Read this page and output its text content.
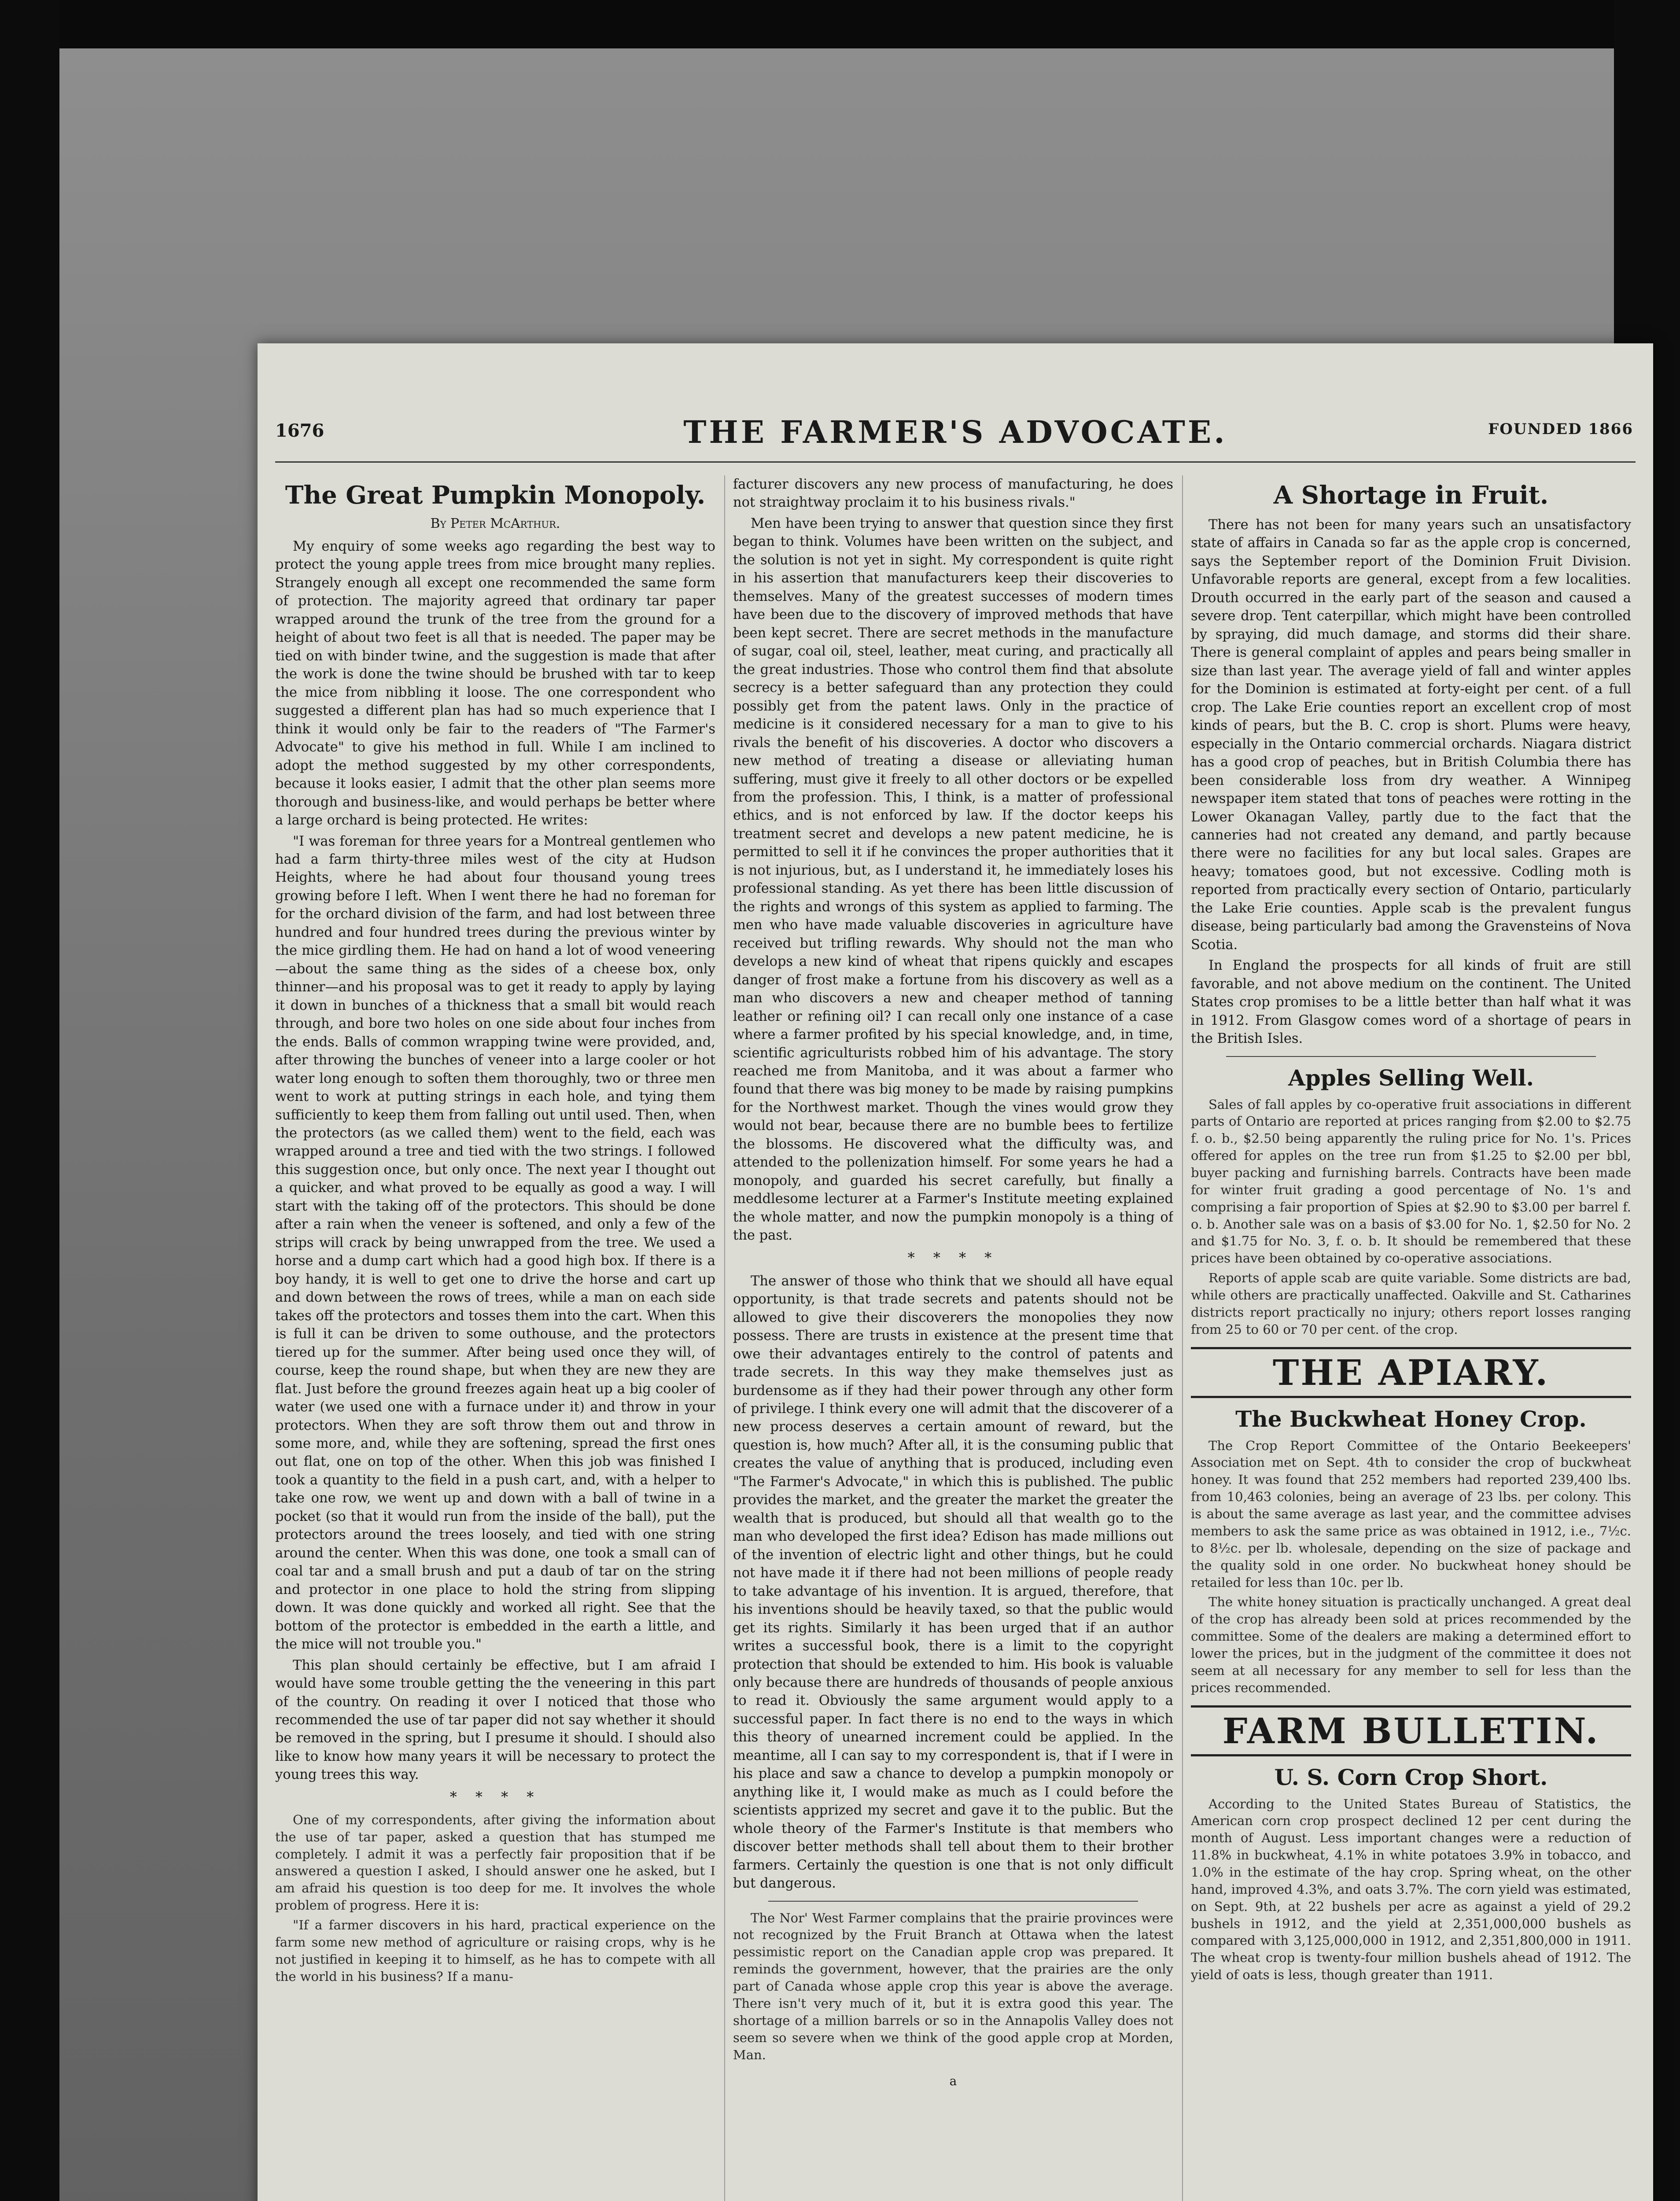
1676	THE FARMER'S ADVOCATE.	FOUNDED 1866
The Great Pumpkin Monopoly.
By Peter McArthur.

My enquiry of some weeks ago regarding the best way to protect the young apple trees from mice brought many replies. Strangely enough all except one recommended the same form of protection. The majority agreed that ordinary tar paper wrapped around the trunk of the tree from the ground for a height of about two feet is all that is needed. The paper may be tied on with binder twine, and the suggestion is made that after the work is done the twine should be brushed with tar to keep the mice from nibbling it loose. The one correspondent who suggested a different plan has had so much experience that I think it would only be fair to the readers of "The Farmer's Advocate" to give his method in full. While I am inclined to adopt the method suggested by my other correspondents, because it looks easier, I admit that the other plan seems more thorough and business-like, and would perhaps be better where a large orchard is being protected. He writes:

"I was foreman for three years for a Montreal gentlemen who had a farm thirty-three miles west of the city at Hudson Heights, where he had about four thousand young trees growing before I left. When I went there he had no foreman for for the orchard division of the farm, and had lost between three hundred and four hundred trees during the previous winter by the mice girdling them. He had on hand a lot of wood veneering—about the same thing as the sides of a cheese box, only thinner—and his proposal was to get it ready to apply by laying it down in bunches of a thickness that a small bit would reach through, and bore two holes on one side about four inches from the ends. Balls of common wrapping twine were provided, and, after throwing the bunches of veneer into a large cooler or hot water long enough to soften them thoroughly, two or three men went to work at putting strings in each hole, and tying them sufficiently to keep them from falling out until used. Then, when the protectors (as we called them) went to the field, each was wrapped around a tree and tied with the two strings. I followed this suggestion once, but only once. The next year I thought out a quicker, and what proved to be equally as good a way. I will start with the taking off of the protectors. This should be done after a rain when the veneer is softened, and only a few of the strips will crack by being unwrapped from the tree. We used a horse and a dump cart which had a good high box. If there is a boy handy, it is well to get one to drive the horse and cart up and down between the rows of trees, while a man on each side takes off the protectors and tosses them into the cart. When this is full it can be driven to some outhouse, and the protectors tiered up for the summer. After being used once they will, of course, keep the round shape, but when they are new they are flat. Just before the ground freezes again heat up a big cooler of water (we used one with a furnace under it) and throw in your protectors. When they are soft throw them out and throw in some more, and, while they are softening, spread the first ones out flat, one on top of the other. When this job was finished I took a quantity to the field in a push cart, and, with a helper to take one row, we went up and down with a ball of twine in a pocket (so that it would run from the inside of the ball), put the protectors around the trees loosely, and tied with one string around the center. When this was done, one took a small can of coal tar and a small brush and put a daub of tar on the string and protector in one place to hold the string from slipping down. It was done quickly and worked all right. See that the bottom of the protector is embedded in the earth a little, and the mice will not trouble you."

This plan should certainly be effective, but I am afraid I would have some trouble getting the the veneering in this part of the country. On reading it over I noticed that those who recommended the use of tar paper did not say whether it should be removed in the spring, but I presume it should. I should also like to know how many years it will be necessary to protect the young trees this way.

* * * *

One of my correspondents, after giving the information about the use of tar paper, asked a question that has stumped me completely. I admit it was a perfectly fair proposition that if be answered a question I asked, I should answer one he asked, but I am afraid his question is too deep for me. It involves the whole problem of progress. Here it is:

"If a farmer discovers in his hard, practical experience on the farm some new method of agriculture or raising crops, why is he not justified in keeping it to himself, as he has to compete with all the world in his business? If a manu-

facturer discovers any new process of manufacturing, he does not straightway proclaim it to his business rivals."

Men have been trying to answer that question since they first began to think. Volumes have been written on the subject, and the solution is not yet in sight. My correspondent is quite right in his assertion that manufacturers keep their discoveries to themselves. Many of the greatest successes of modern times have been due to the discovery of improved methods that have been kept secret. There are secret methods in the manufacture of sugar, coal oil, steel, leather, meat curing, and practically all the great industries. Those who control them find that absolute secrecy is a better safeguard than any protection they could possibly get from the patent laws. Only in the practice of medicine is it considered necessary for a man to give to his rivals the benefit of his discoveries. A doctor who discovers a new method of treating a disease or alleviating human suffering, must give it freely to all other doctors or be expelled from the profession. This, I think, is a matter of professional ethics, and is not enforced by law. If the doctor keeps his treatment secret and develops a new patent medicine, he is permitted to sell it if he convinces the proper authorities that it is not injurious, but, as I understand it, he immediately loses his professional standing. As yet there has been little discussion of the rights and wrongs of this system as applied to farming. The men who have made valuable discoveries in agriculture have received but trifling rewards. Why should not the man who develops a new kind of wheat that ripens quickly and escapes danger of frost make a fortune from his discovery as well as a man who discovers a new and cheaper method of tanning leather or refining oil? I can recall only one instance of a case where a farmer profited by his special knowledge, and, in time, scientific agriculturists robbed him of his advantage. The story reached me from Manitoba, and it was about a farmer who found that there was big money to be made by raising pumpkins for the Northwest market. Though the vines would grow they would not bear, because there are no bumble bees to fertilize the blossoms. He discovered what the difficulty was, and attended to the pollenization himself. For some years he had a monopoly, and guarded his secret carefully, but finally a meddlesome lecturer at a Farmer's Institute meeting explained the whole matter, and now the pumpkin monopoly is a thing of the past.

* * * *

The answer of those who think that we should all have equal opportunity, is that trade secrets and patents should not be allowed to give their discoverers the monopolies they now possess. There are trusts in existence at the present time that owe their advantages entirely to the control of patents and trade secrets. In this way they make themselves just as burdensome as if they had their power through any other form of privilege. I think every one will admit that the discoverer of a new process deserves a certain amount of reward, but the question is, how much? After all, it is the consuming public that creates the value of anything that is produced, including even "The Farmer's Advocate," in which this is published. The public provides the market, and the greater the market the greater the wealth that is produced, but should all that wealth go to the man who developed the first idea? Edison has made millions out of the invention of electric light and other things, but he could not have made it if there had not been millions of people ready to take advantage of his invention. It is argued, therefore, that his inventions should be heavily taxed, so that the public would get its rights. Similarly it has been urged that if an author writes a successful book, there is a limit to the copyright protection that should be extended to him. His book is valuable only because there are hundreds of thousands of people anxious to read it. Obviously the same argument would apply to a successful paper. In fact there is no end to the ways in which this theory of unearned increment could be applied. In the meantime, all I can say to my correspondent is, that if I were in his place and saw a chance to develop a pumpkin monopoly or anything like it, I would make as much as I could before the scientists apprized my secret and gave it to the public. But the whole theory of the Farmer's Institute is that members who discover better methods shall tell about them to their brother farmers. Certainly the question is one that is not only difficult but dangerous.

The Nor' West Farmer complains that the prairie provinces were not recognized by the Fruit Branch at Ottawa when the latest pessimistic report on the Canadian apple crop was prepared. It reminds the government, however, that the prairies are the only part of Canada whose apple crop this year is above the average. There isn't very much of it, but it is extra good this year. The shortage of a million barrels or so in the Annapolis Valley does not seem so severe when we think of the good apple crop at Morden, Man.

a
A Shortage in Fruit.

There has not been for many years such an unsatisfactory state of affairs in Canada so far as the apple crop is concerned, says the September report of the Dominion Fruit Division. Unfavorable reports are general, except from a few localities. Drouth occurred in the early part of the season and caused a severe drop. Tent caterpillar, which might have been controlled by spraying, did much damage, and storms did their share. There is general complaint of apples and pears being smaller in size than last year. The average yield of fall and winter apples for the Dominion is estimated at forty-eight per cent. of a full crop. The Lake Erie counties report an excellent crop of most kinds of pears, but the B. C. crop is short. Plums were heavy, especially in the Ontario commercial orchards. Niagara district has a good crop of peaches, but in British Columbia there has been considerable loss from dry weather. A Winnipeg newspaper item stated that tons of peaches were rotting in the Lower Okanagan Valley, partly due to the fact that the canneries had not created any demand, and partly because there were no facilities for any but local sales. Grapes are heavy; tomatoes good, but not excessive. Codling moth is reported from practically every section of Ontario, particularly the Lake Erie counties. Apple scab is the prevalent fungus disease, being particularly bad among the Gravensteins of Nova Scotia.

In England the prospects for all kinds of fruit are still favorable, and not above medium on the continent. The United States crop promises to be a little better than half what it was in 1912. From Glasgow comes word of a shortage of pears in the British Isles.

Apples Selling Well.

Sales of fall apples by co-operative fruit associations in different parts of Ontario are reported at prices ranging from $2.00 to $2.75 f. o. b., $2.50 being apparently the ruling price for No. 1's. Prices offered for apples on the tree run from $1.25 to $2.00 per bbl, buyer packing and furnishing barrels. Contracts have been made for winter fruit grading a good percentage of No. 1's and comprising a fair proportion of Spies at $2.90 to $3.00 per barrel f. o. b. Another sale was on a basis of $3.00 for No. 1, $2.50 for No. 2 and $1.75 for No. 3, f. o. b. It should be remembered that these prices have been obtained by co-operative associations.

Reports of apple scab are quite variable. Some districts are bad, while others are practically unaffected. Oakville and St. Catharines districts report practically no injury; others report losses ranging from 25 to 60 or 70 per cent. of the crop.

THE APIARY.
The Buckwheat Honey Crop.

The Crop Report Committee of the Ontario Beekeepers' Association met on Sept. 4th to consider the crop of buckwheat honey. It was found that 252 members had reported 239,400 lbs. from 10,463 colonies, being an average of 23 lbs. per colony. This is about the same average as last year, and the committee advises members to ask the same price as was obtained in 1912, i.e., 7½c. to 8½c. per lb. wholesale, depending on the size of package and the quality sold in one order. No buckwheat honey should be retailed for less than 10c. per lb.

The white honey situation is practically unchanged. A great deal of the crop has already been sold at prices recommended by the committee. Some of the dealers are making a determined effort to lower the prices, but in the judgment of the committee it does not seem at all necessary for any member to sell for less than the prices recommended.

FARM BULLETIN.
U. S. Corn Crop Short.

According to the United States Bureau of Statistics, the American corn crop prospect declined 12 per cent during the month of August. Less important changes were a reduction of 11.8% in buckwheat, 4.1% in white potatoes 3.9% in tobacco, and 1.0% in the estimate of the hay crop. Spring wheat, on the other hand, improved 4.3%, and oats 3.7%. The corn yield was estimated, on Sept. 9th, at 22 bushels per acre as against a yield of 29.2 bushels in 1912, and the yield at 2,351,000,000 bushels as compared with 3,125,000,000 in 1912, and 2,351,800,000 in 1911. The wheat crop is twenty-four million bushels ahead of 1912. The yield of oats is less, though greater than 1911.
